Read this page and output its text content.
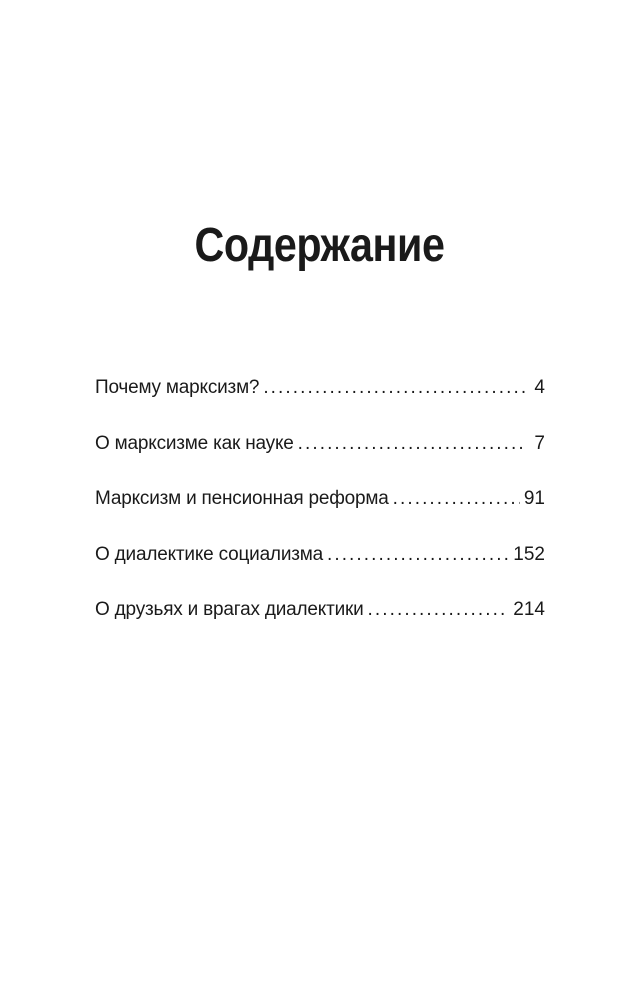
Содержание
Почему марксизм? . . .	4
О марксизме как науке . . .	7
Марксизм и пенсионная реформа . . .	91
О диалектике социализма . . .	152
О друзьях и врагах диалектики . . .	214
